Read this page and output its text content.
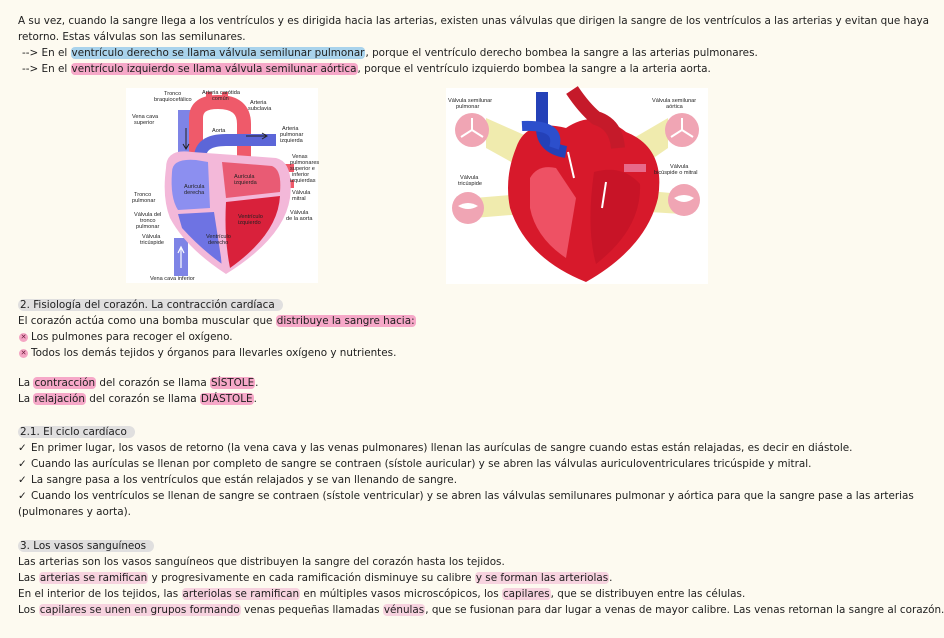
A su vez, cuando la sangre llega a los ventrículos y es dirigida hacia las arterias, existen unas válvulas que dirigen la sangre de los ventrículos a las arterias y evitan que haya
retorno. Estas válvulas son las semilunares.
--> En el ventrículo derecho se llama válvula semilunar pulmonar, porque el ventrículo derecho bombea la sangre a las arterias pulmonares.
--> En el ventrículo izquierdo se llama válvula semilunar aórtica, porque el ventrículo izquierdo bombea la sangre a la arteria aorta.
Tronco
braquiocefálico
Arteria carótida
común
Arteria
subclavia
Vena cava
superior
Aorta	Arteria
pulmonar
izquierda
Venas
pulmonares
superior e
inferior
izquierdas
Aurícula
derecha
Aurícula
izquierda
Válvula
mitral
Tronco
pulmonar
Válvula del
tronco
pulmonar
Válvula
de la aorta
Válvula
tricúspide
Ventrículo
derecho
Ventrículo
izquierdo
Vena cava inferior
Válvula semilunar
pulmonar
Válvula semilunar
aórtica
Válvula
tricúspide
Válvula
bicúspide o mitral
2. Fisiología del corazón. La contracción cardíaca
El corazón actúa como una bomba muscular que distribuye la sangre hacia:
✕ Los pulmones para recoger el oxígeno.
✕ Todos los demás tejidos y órganos para llevarles oxígeno y nutrientes.
La contracción del corazón se llama SÍSTOLE.
La relajación del corazón se llama DIÁSTOLE.
2.1. El ciclo cardíaco
✓ En primer lugar, los vasos de retorno (la vena cava y las venas pulmonares) llenan las aurículas de sangre cuando estas están relajadas, es decir en diástole.
✓ Cuando las aurículas se llenan por completo de sangre se contraen (sístole auricular) y se abren las válvulas auriculoventriculares tricúspide y mitral.
✓ La sangre pasa a los ventrículos que están relajados y se van llenando de sangre.
✓ Cuando los ventrículos se llenan de sangre se contraen (sístole ventricular) y se abren las válvulas semilunares pulmonar y aórtica para que la sangre pase a las arterias
(pulmonares y aorta).
3. Los vasos sanguíneos
Las arterias son los vasos sanguíneos que distribuyen la sangre del corazón hasta los tejidos.
Las arterias se ramifican y progresivamente en cada ramificación disminuye su calibre y se forman las arteriolas.
En el interior de los tejidos, las arteriolas se ramifican en múltiples vasos microscópicos, los capilares, que se distribuyen entre las células.
Los capilares se unen en grupos formando venas pequeñas llamadas vénulas, que se fusionan para dar lugar a venas de mayor calibre. Las venas retornan la sangre al corazón.
